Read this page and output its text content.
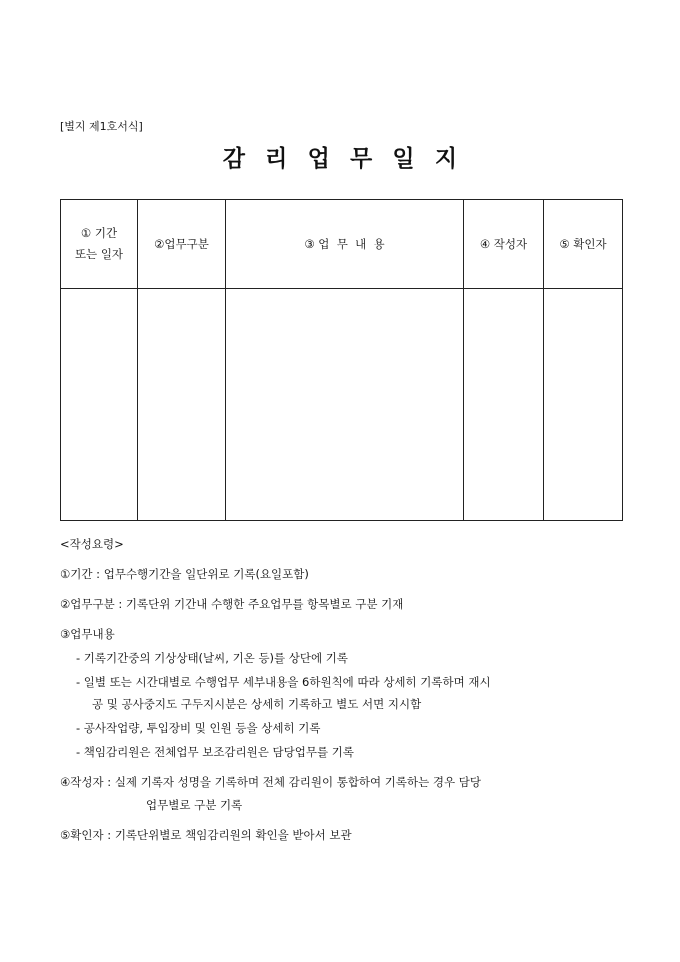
[별지 제1호서식]
감 리 업 무 일 지
① 기간
또는 일자	②업무구분	③ 업  무  내  용	④ 작성자	⑤ 확인자

<작성요령>
①기간 : 업무수행기간을 일단위로 기록(요일포함)
②업무구분 : 기록단위 기간내 수행한 주요업무를 항목별로 구분 기재
③업무내용
- 기록기간중의 기상상태(날씨, 기온 등)를 상단에 기록
- 일별 또는 시간대별로 수행업무 세부내용을 6하원칙에 따라 상세히 기록하며 재시
공 및 공사중지도 구두지시분은 상세히 기록하고 별도 서면 지시함
- 공사작업량, 투입장비 및 인원 등을 상세히 기록
- 책임감리원은 전체업무 보조감리원은 담당업무를 기록
④작성자 : 실제 기록자 성명을 기록하며 전체 감리원이 통합하여 기록하는 경우 담당
업무별로 구분 기록
⑤확인자 : 기록단위별로 책임감리원의 확인을 받아서 보관
